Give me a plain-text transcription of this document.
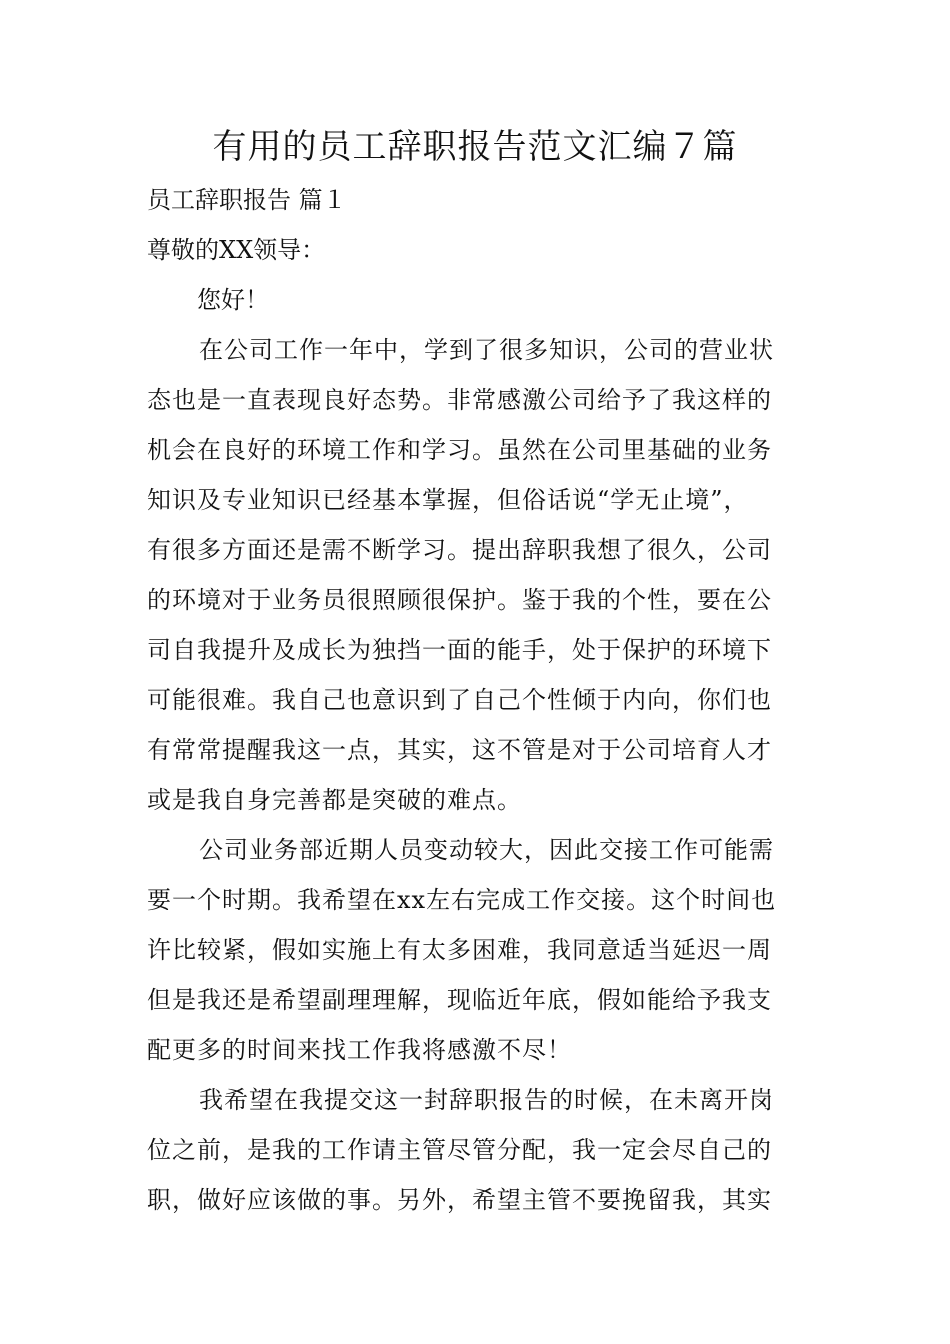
有用的员工辞职报告范文汇编７篇
员工辞职报告 篇１
尊敬的XX领导：
您好！
在公司工作一年中，学到了很多知识，公司的营业状
态也是一直表现良好态势。非常感激公司给予了我这样的
机会在良好的环境工作和学习。虽然在公司里基础的业务
知识及专业知识已经基本掌握，但俗话说“学无止境”，
有很多方面还是需不断学习。提出辞职我想了很久，公司
的环境对于业务员很照顾很保护。鉴于我的个性，要在公
司自我提升及成长为独挡一面的能手，处于保护的环境下
可能很难。我自己也意识到了自己个性倾于内向，你们也
有常常提醒我这一点，其实，这不管是对于公司培育人才
或是我自身完善都是突破的难点。
公司业务部近期人员变动较大，因此交接工作可能需
要一个时期。我希望在xx左右完成工作交接。这个时间也
许比较紧，假如实施上有太多困难，我同意适当延迟一周
但是我还是希望副理理解，现临近年底，假如能给予我支
配更多的时间来找工作我将感激不尽！
我希望在我提交这一封辞职报告的时候，在未离开岗
位之前，是我的工作请主管尽管分配，我一定会尽自己的
职，做好应该做的事。另外，希望主管不要挽留我，其实
